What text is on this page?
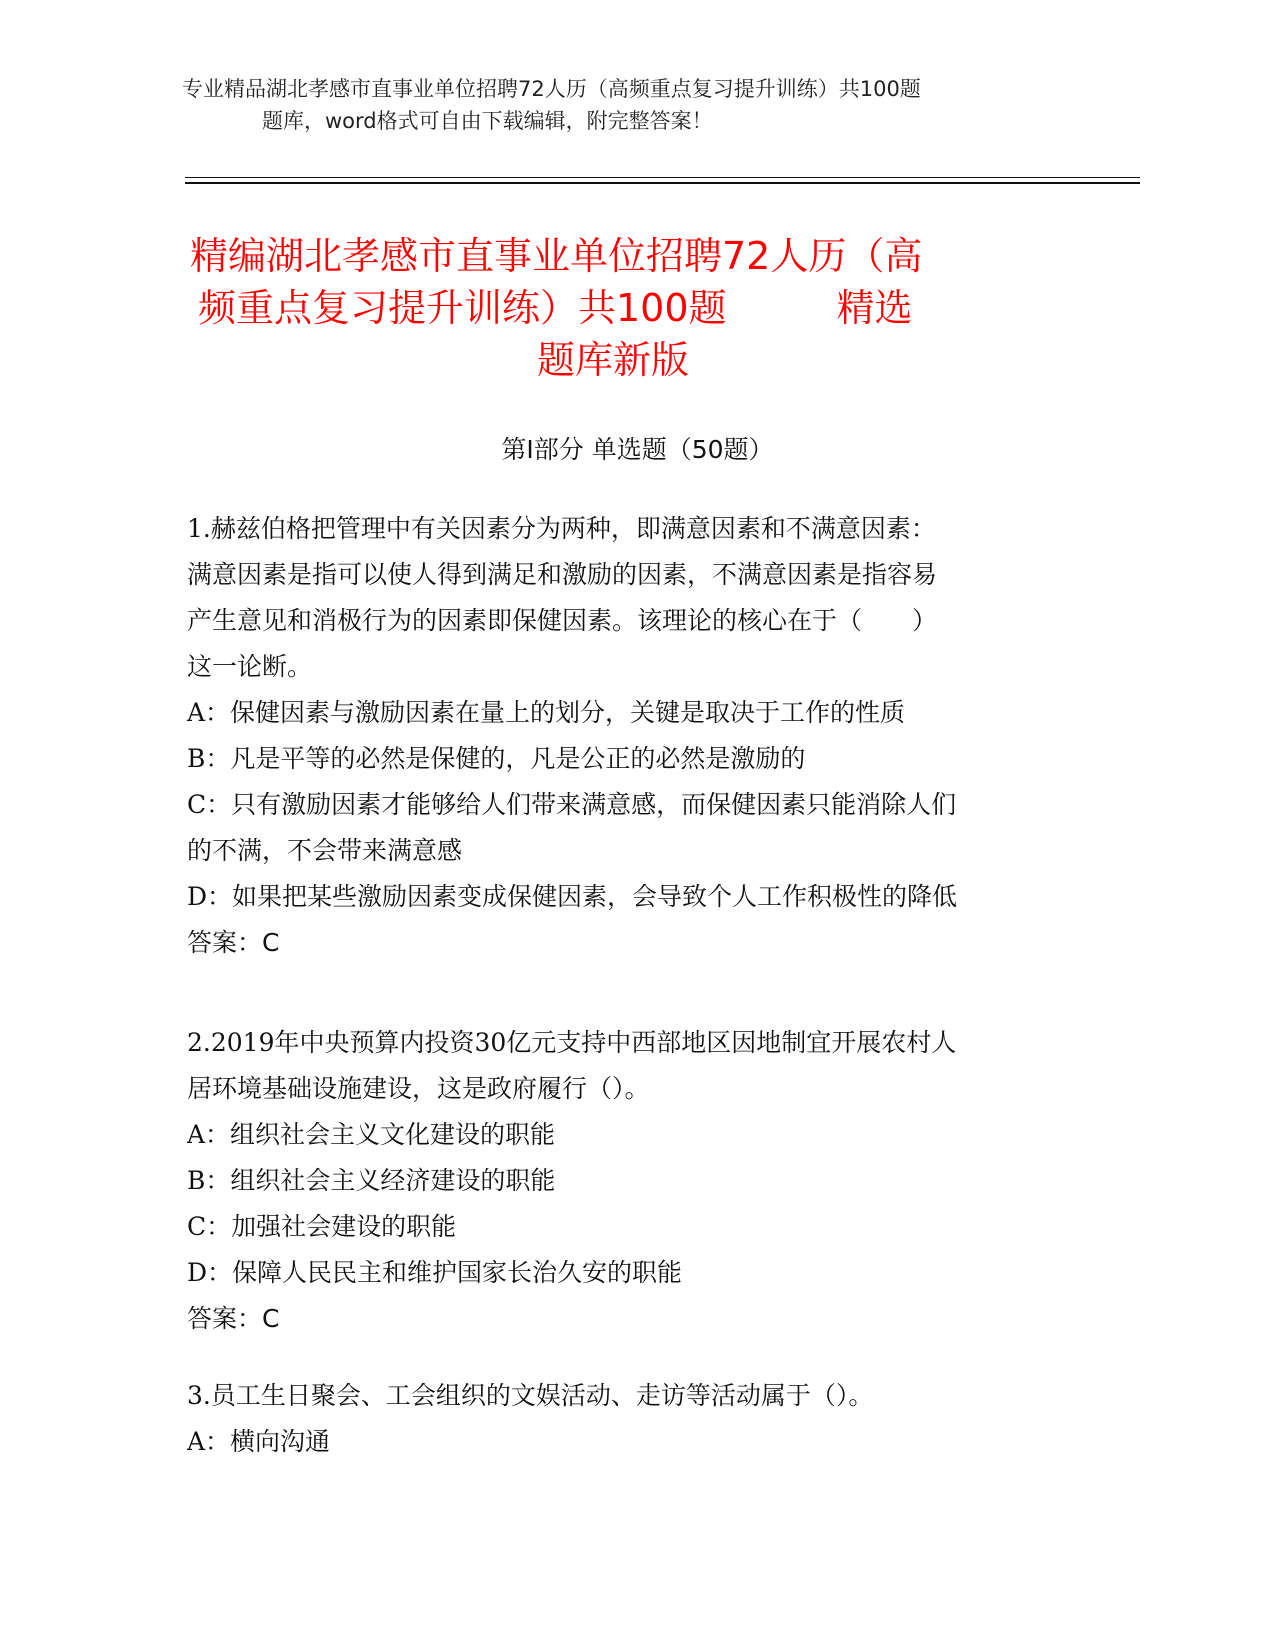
专业精品湖北孝感市直事业单位招聘72人历（高频重点复习提升训练）共100题
题库，word格式可自由下载编辑，附完整答案！
精编湖北孝感市直事业单位招聘72人历（高
频重点复习提升训练）共100题	精选
题库新版
第Ⅰ部分 单选题（50题）
1.赫兹伯格把管理中有关因素分为两种，即满意因素和不满意因素：
满意因素是指可以使人得到满足和激励的因素，不满意因素是指容易
产生意见和消极行为的因素即保健因素。该理论的核心在于（　　）
这一论断。
A：保健因素与激励因素在量上的划分，关键是取决于工作的性质
B：凡是平等的必然是保健的，凡是公正的必然是激励的
C：只有激励因素才能够给人们带来满意感，而保健因素只能消除人们
的不满，不会带来满意感
D：如果把某些激励因素变成保健因素，会导致个人工作积极性的降低
答案：C
2.2019年中央预算内投资30亿元支持中西部地区因地制宜开展农村人
居环境基础设施建设，这是政府履行（）。
A：组织社会主义文化建设的职能
B：组织社会主义经济建设的职能
C：加强社会建设的职能
D：保障人民民主和维护国家长治久安的职能
答案：C
3.员工生日聚会、工会组织的文娱活动、走访等活动属于（）。
A：横向沟通
